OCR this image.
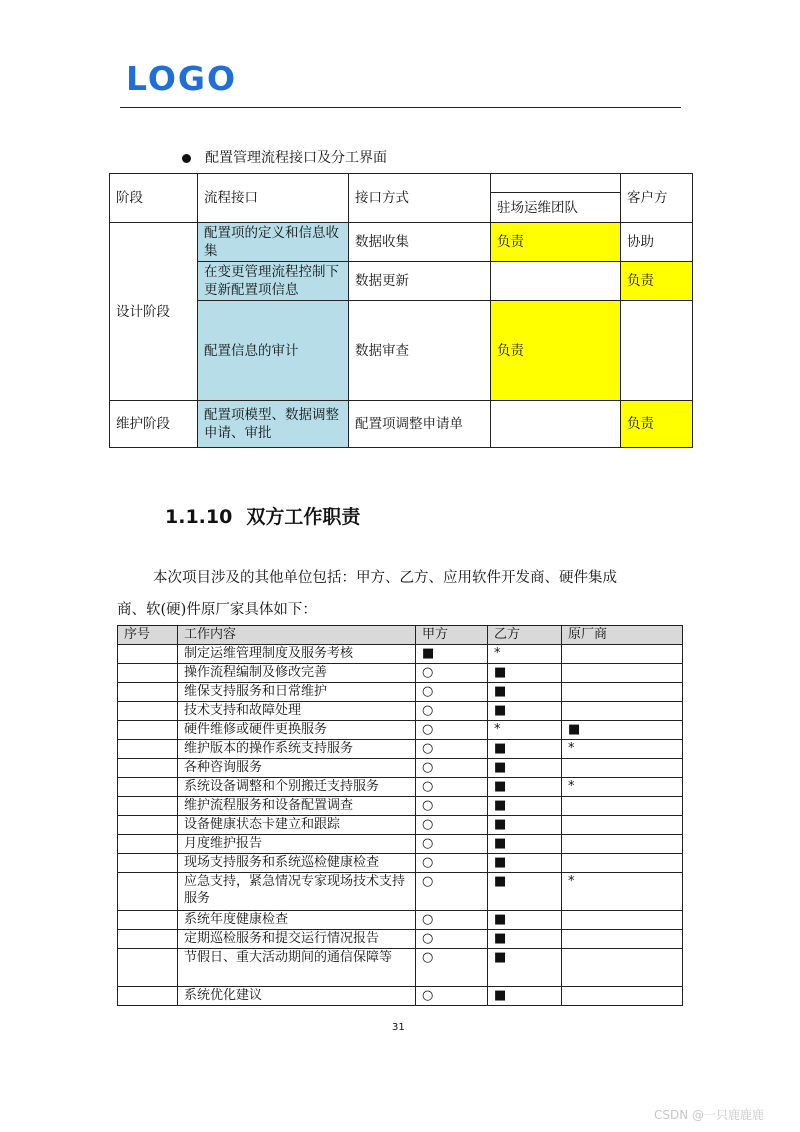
LOGO
配置管理流程接口及分工界面
阶段	流程接口	接口方式		客户方
			驻场运维团队	
设计阶段	配置项的定义和信息收集	数据收集	负责	协助
	在变更管理流程控制下更新配置项信息	数据更新		负责
	配置信息的审计	数据审查	负责	
维护阶段	配置项模型、数据调整申请、审批	配置项调整申请单		负责
1.1.10 双方工作职责
本次项目涉及的其他单位包括：甲方、乙方、应用软件开发商、硬件集成
商、软(硬)件原厂家具体如下：
序号	工作内容	甲方	乙方	原厂商
	制定运维管理制度及服务考核	■	*	
	操作流程编制及修改完善	○	■	
	维保支持服务和日常维护	○	■	
	技术支持和故障处理	○	■	
	硬件维修或硬件更换服务	○	*	■
	维护版本的操作系统支持服务	○	■	*
	各种咨询服务	○	■	
	系统设备调整和个别搬迁支持服务	○	■	*
	维护流程服务和设备配置调查	○	■	
	设备健康状态卡建立和跟踪	○	■	
	月度维护报告	○	■	
	现场支持服务和系统巡检健康检查	○	■	
	应急支持，紧急情况专家现场技术支持服务	○	■	*
	系统年度健康检查	○	■	
	定期巡检服务和提交运行情况报告	○	■	
	节假日、重大活动期间的通信保障等	○	■	
	系统优化建议	○	■	
31
CSDN @一只鹿鹿鹿
